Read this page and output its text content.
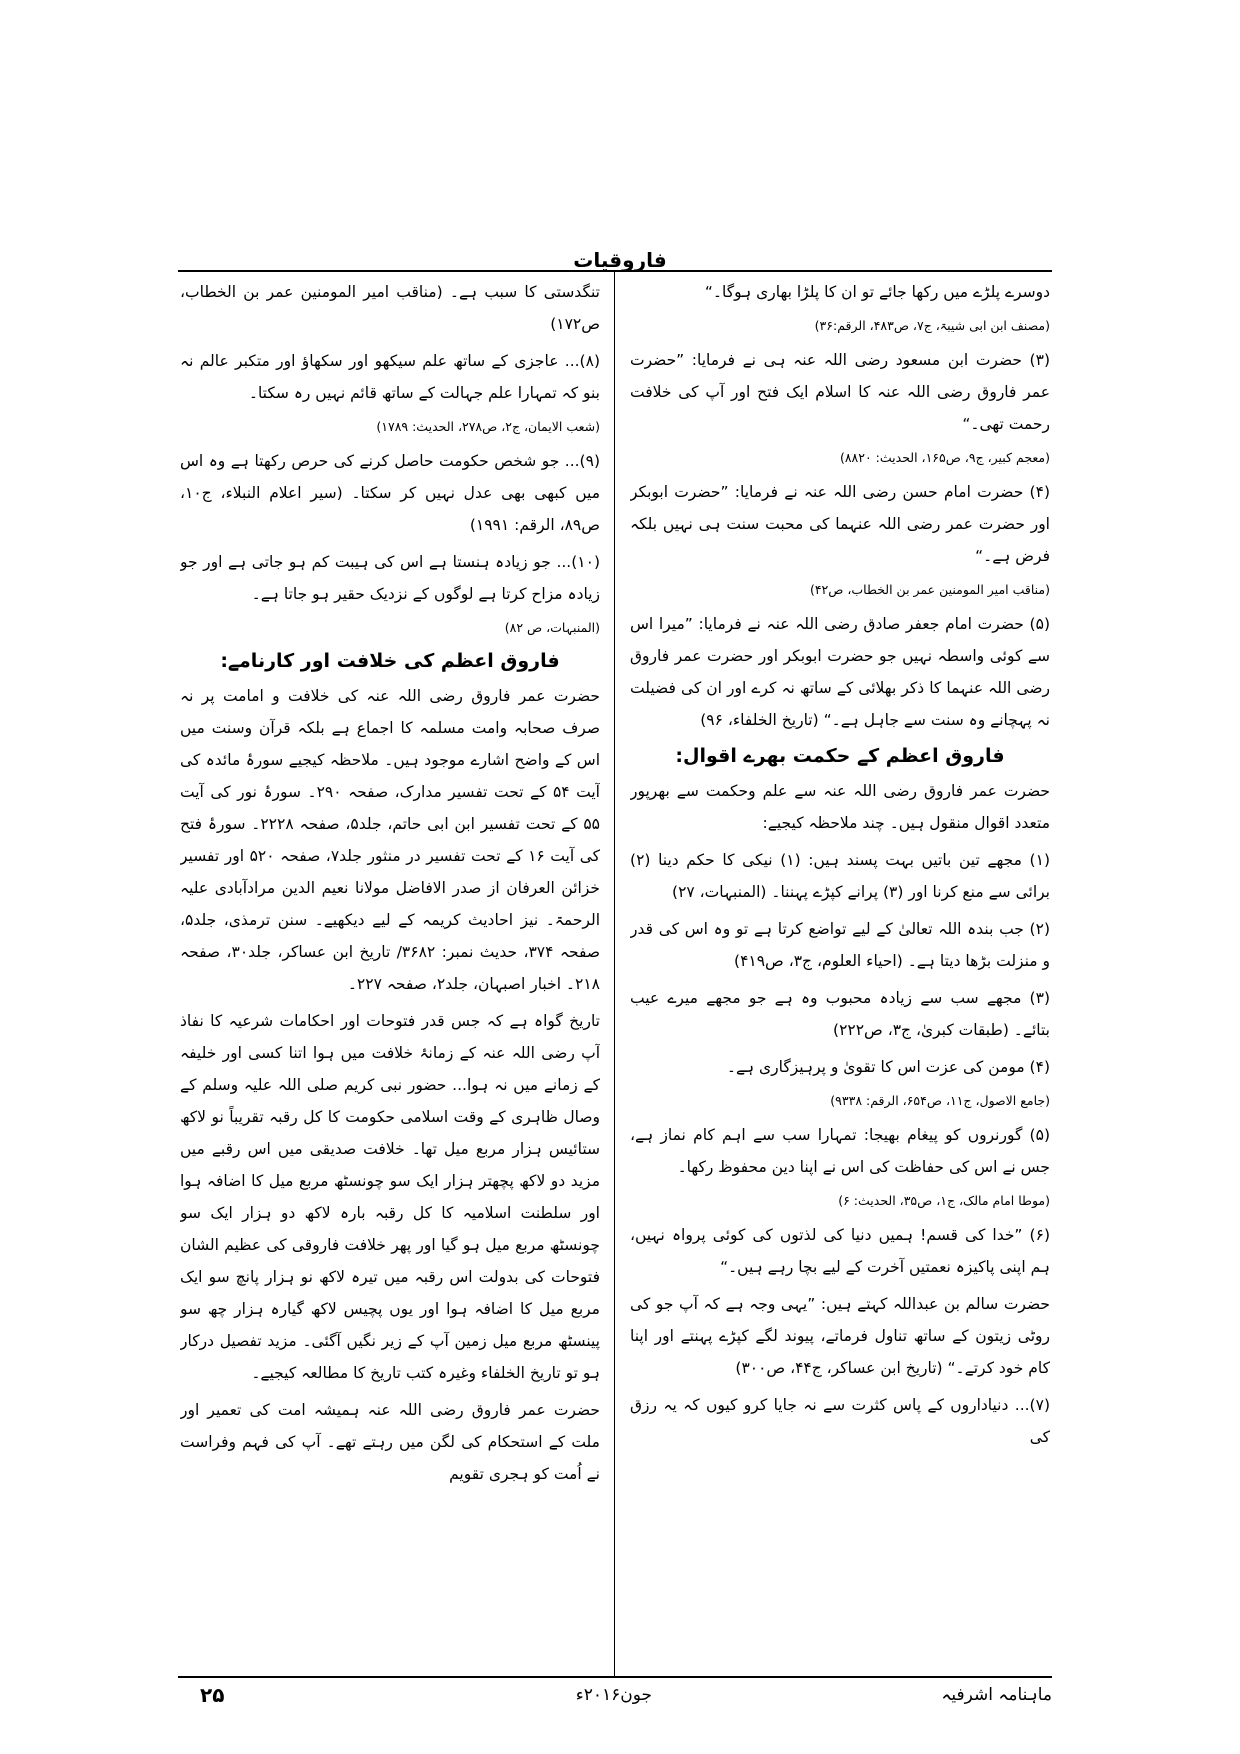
فاروقیات

دوسرے پلڑے میں رکھا جائے تو ان کا پلڑا بھاری ہوگا۔“

(مصنف ابن ابی شیبۃ، ج۷، ص۴۸۳، الرقم:۳۶)

(۳) حضرت ابن مسعود رضی اللہ عنہ ہی نے فرمایا: ”حضرت عمر فاروق رضی اللہ عنہ کا اسلام ایک فتح اور آپ کی خلافت رحمت تھی۔“

(معجم کبیر، ج۹، ص۱۶۵، الحدیث: ۸۸۲۰)

(۴) حضرت امام حسن رضی اللہ عنہ نے فرمایا: ”حضرت ابوبکر اور حضرت عمر رضی اللہ عنہما کی محبت سنت ہی نہیں بلکہ فرض ہے۔“

(مناقب امیر المومنین عمر بن الخطاب، ص۴۲)

(۵) حضرت امام جعفر صادق رضی اللہ عنہ نے فرمایا: ”میرا اس سے کوئی واسطہ نہیں جو حضرت ابوبکر اور حضرت عمر فاروق رضی اللہ عنہما کا ذکر بھلائی کے ساتھ نہ کرے اور ان کی فضیلت نہ پہچانے وہ سنت سے جاہل ہے۔“ (تاریخ الخلفاء، ۹۶)

فاروق اعظم کے حکمت بھرے اقوال:

حضرت عمر فاروق رضی اللہ عنہ سے علم وحکمت سے بھرپور متعدد اقوال منقول ہیں۔ چند ملاحظہ کیجیے:

(۱) مجھے تین باتیں بہت پسند ہیں: (۱) نیکی کا حکم دینا (۲) برائی سے منع کرنا اور (۳) پرانے کپڑے پہننا۔ (المنبہات، ۲۷)

(۲) جب بندہ اللہ تعالیٰ کے لیے تواضع کرتا ہے تو وہ اس کی قدر و منزلت بڑھا دیتا ہے۔ (احیاء العلوم، ج۳، ص۴۱۹)

(۳) مجھے سب سے زیادہ محبوب وہ ہے جو مجھے میرے عیب بتائے۔ (طبقات کبریٰ، ج۳، ص۲۲۲)

(۴) مومن کی عزت اس کا تقویٰ و پرہیزگاری ہے۔

(جامع الاصول، ج۱۱، ص۶۵۴، الرقم: ۹۳۳۸)

(۵) گورنروں کو پیغام بھیجا: تمہارا سب سے اہم کام نماز ہے، جس نے اس کی حفاظت کی اس نے اپنا دین محفوظ رکھا۔

(موطا امام مالک، ج۱، ص۳۵، الحدیث: ۶)

(۶) ”خدا کی قسم! ہمیں دنیا کی لذتوں کی کوئی پرواہ نہیں، ہم اپنی پاکیزہ نعمتیں آخرت کے لیے بچا رہے ہیں۔“

حضرت سالم بن عبداللہ کہتے ہیں: ”یہی وجہ ہے کہ آپ جو کی روٹی زیتون کے ساتھ تناول فرماتے، پیوند لگے کپڑے پہنتے اور اپنا کام خود کرتے۔“ (تاریخ ابن عساکر، ج۴۴، ص۳۰۰)

(۷)... دنیاداروں کے پاس کثرت سے نہ جایا کرو کیوں کہ یہ رزق کی

تنگدستی کا سبب ہے۔ (مناقب امیر المومنین عمر بن الخطاب، ص۱۷۲)

(۸)... عاجزی کے ساتھ علم سیکھو اور سکھاؤ اور متکبر عالم نہ بنو کہ تمہارا علم جہالت کے ساتھ قائم نہیں رہ سکتا۔

(شعب الایمان، ج۲، ص۲۷۸، الحدیث: ۱۷۸۹)

(۹)... جو شخص حکومت حاصل کرنے کی حرص رکھتا ہے وہ اس میں کبھی بھی عدل نہیں کر سکتا۔ (سیر اعلام النبلاء، ج۱۰، ص۸۹، الرقم: ۱۹۹۱)

(۱۰)... جو زیادہ ہنستا ہے اس کی ہیبت کم ہو جاتی ہے اور جو زیادہ مزاح کرتا ہے لوگوں کے نزدیک حقیر ہو جاتا ہے۔

(المنبہات، ص ۸۲)

فاروق اعظم کی خلافت اور کارنامے:

حضرت عمر فاروق رضی اللہ عنہ کی خلافت و امامت پر نہ صرف صحابہ وامت مسلمہ کا اجماع ہے بلکہ قرآن وسنت میں اس کے واضح اشارے موجود ہیں۔ ملاحظہ کیجیے سورۂ مائدہ کی آیت ۵۴ کے تحت تفسیر مدارک، صفحہ ۲۹۰۔ سورۂ نور کی آیت ۵۵ کے تحت تفسیر ابن ابی حاتم، جلد۵، صفحہ ۲۲۲۸۔ سورۂ فتح کی آیت ۱۶ کے تحت تفسیر در منثور جلد۷، صفحہ ۵۲۰ اور تفسیر خزائن العرفان از صدر الافاضل مولانا نعیم الدین مرادآبادی علیہ الرحمۃ۔ نیز احادیث کریمہ کے لیے دیکھیے۔ سنن ترمذی، جلد۵، صفحہ ۳۷۴، حدیث نمبر: ۳۶۸۲/ تاریخ ابن عساکر، جلد۳۰، صفحہ ۲۱۸۔ اخبار اصبہان، جلد۲، صفحہ ۲۲۷۔

تاریخ گواہ ہے کہ جس قدر فتوحات اور احکامات شرعیہ کا نفاذ آپ رضی اللہ عنہ کے زمانۂ خلافت میں ہوا اتنا کسی اور خلیفہ کے زمانے میں نہ ہوا... حضور نبی کریم صلی اللہ علیہ وسلم کے وصال ظاہری کے وقت اسلامی حکومت کا کل رقبہ تقریباً نو لاکھ ستائیس ہزار مربع میل تھا۔ خلافت صدیقی میں اس رقبے میں مزید دو لاکھ پچھتر ہزار ایک سو چونسٹھ مربع میل کا اضافہ ہوا اور سلطنت اسلامیہ کا کل رقبہ بارہ لاکھ دو ہزار ایک سو چونسٹھ مربع میل ہو گیا اور پھر خلافت فاروقی کی عظیم الشان فتوحات کی بدولت اس رقبہ میں تیرہ لاکھ نو ہزار پانچ سو ایک مربع میل کا اضافہ ہوا اور یوں پچیس لاکھ گیارہ ہزار چھ سو پینسٹھ مربع میل زمین آپ کے زیر نگیں آگئی۔ مزید تفصیل درکار ہو تو تاریخ الخلفاء وغیرہ کتب تاریخ کا مطالعہ کیجیے۔

حضرت عمر فاروق رضی اللہ عنہ ہمیشہ امت کی تعمیر اور ملت کے استحکام کی لگن میں رہتے تھے۔ آپ کی فہم وفراست نے اُمت کو ہجری تقویم

ماہنامہ اشرفیہ
جون۲۰۱۶ء
۲۵
